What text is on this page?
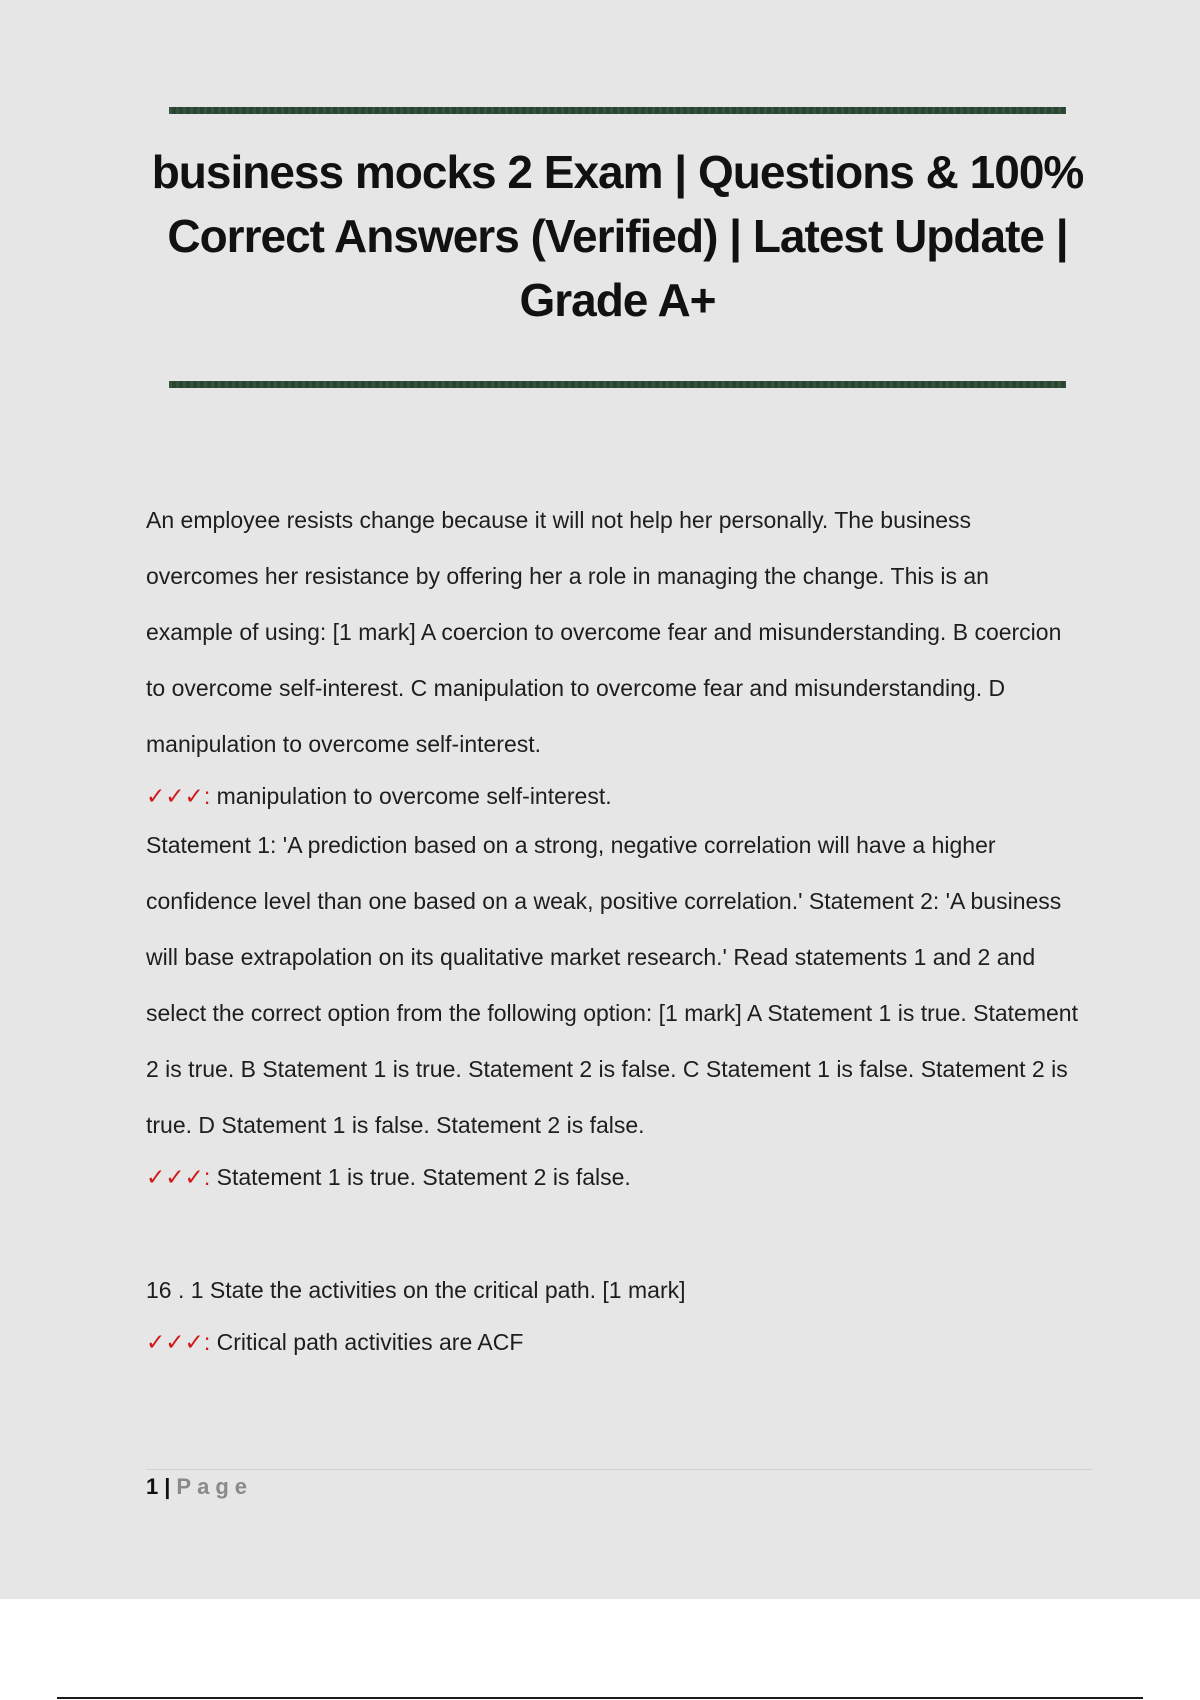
business mocks 2 Exam | Questions & 100% Correct Answers (Verified) | Latest Update | Grade A+

An employee resists change because it will not help her personally. The business overcomes her resistance by offering her a role in managing the change. This is an example of using: [1 mark] A coercion to overcome fear and misunderstanding. B coercion to overcome self-interest. C manipulation to overcome fear and misunderstanding. D manipulation to overcome self-interest.

✓✓✓: manipulation to overcome self-interest.

Statement 1: 'A prediction based on a strong, negative correlation will have a higher confidence level than one based on a weak, positive correlation.' Statement 2: 'A business will base extrapolation on its qualitative market research.' Read statements 1 and 2 and select the correct option from the following option: [1 mark] A Statement 1 is true. Statement 2 is true. B Statement 1 is true. Statement 2 is false. C Statement 1 is false. Statement 2 is true. D Statement 1 is false. Statement 2 is false.

✓✓✓: Statement 1 is true. Statement 2 is false.

16 . 1 State the activities on the critical path. [1 mark]

✓✓✓: Critical path activities are ACF

1 | Page
